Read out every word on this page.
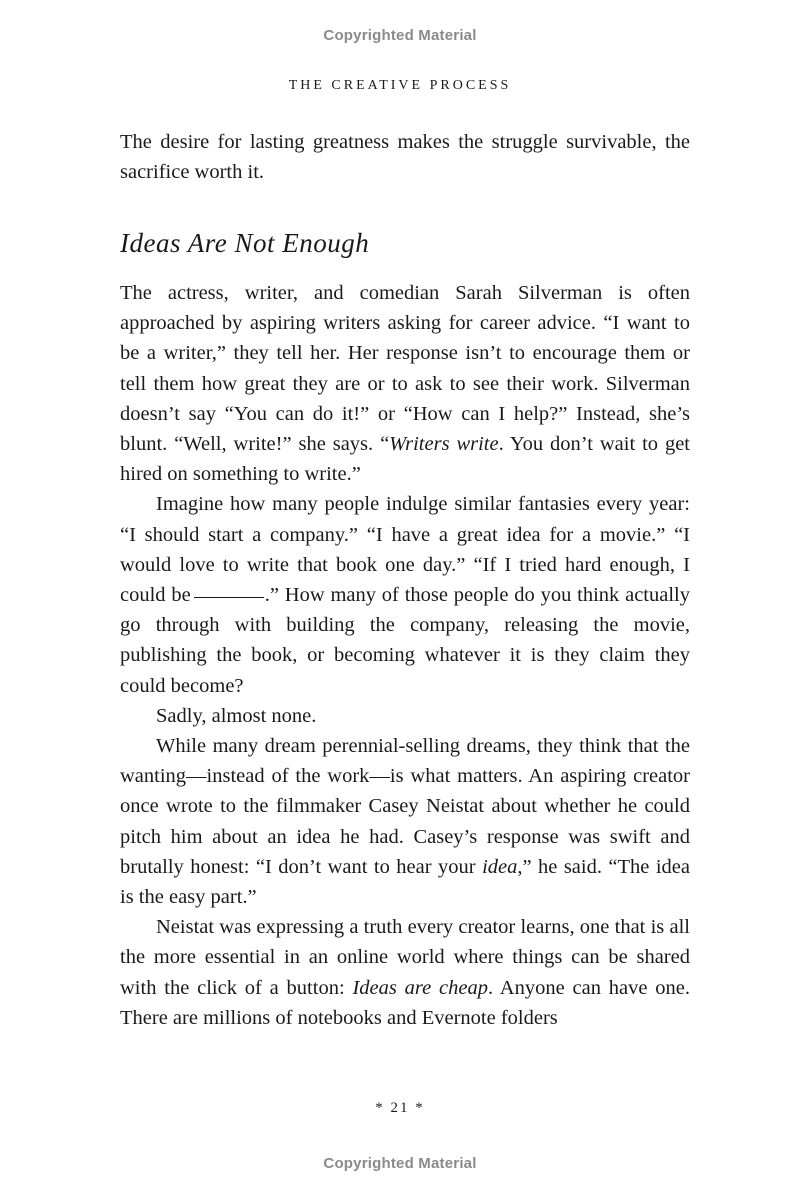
Copyrighted Material
THE CREATIVE PROCESS

The desire for lasting greatness makes the struggle survivable, the sacrifice worth it.

Ideas Are Not Enough

The actress, writer, and comedian Sarah Silverman is often approached by aspiring writers asking for career advice. “I want to be a writer,” they tell her. Her response isn’t to encourage them or tell them how great they are or to ask to see their work. Silverman doesn’t say “You can do it!” or “How can I help?” Instead, she’s blunt. “Well, write!” she says. “Writers write. You don’t wait to get hired on something to write.”

Imagine how many people indulge similar fantasies every year: “I should start a company.” “I have a great idea for a movie.” “I would love to write that book one day.” “If I tried hard enough, I could be	.” How many of those people do you think actually go through with building the company, releasing the movie, publishing the book, or becoming whatever it is they claim they could become?

Sadly, almost none.

While many dream perennial-selling dreams, they think that the wanting—instead of the work—is what matters. An aspiring creator once wrote to the filmmaker Casey Neistat about whether he could pitch him about an idea he had. Casey’s response was swift and brutally honest: “I don’t want to hear your idea,” he said. “The idea is the easy part.”

Neistat was expressing a truth every creator learns, one that is all the more essential in an online world where things can be shared with the click of a button: Ideas are cheap. Anyone can have one. There are millions of notebooks and Evernote folders

* 21 *
Copyrighted Material
